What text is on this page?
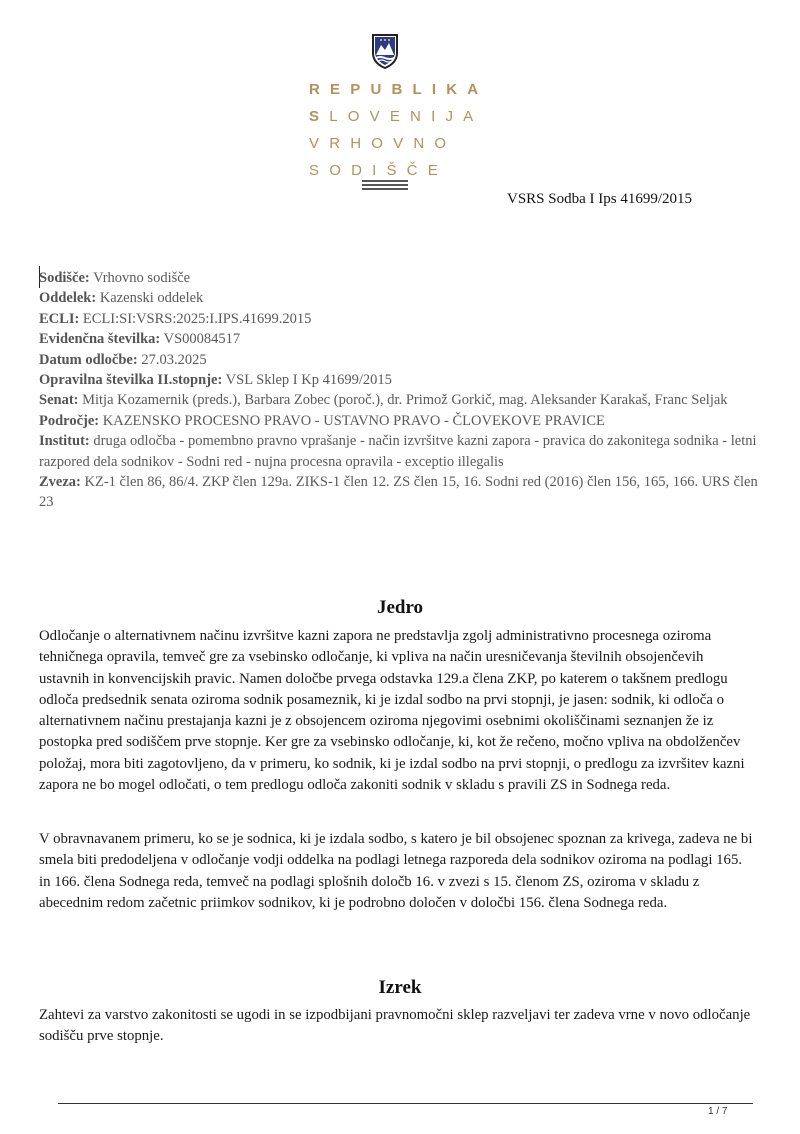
REPUBLIKA
SLOVENIJA
VRHOVNO
SODIŠČE
VSRS Sodba I Ips 41699/2015

Sodišče: Vrhovno sodišče

Oddelek: Kazenski oddelek

ECLI: ECLI:SI:VSRS:2025:I.IPS.41699.2015

Evidenčna številka: VS00084517

Datum odločbe: 27.03.2025

Opravilna številka II.stopnje: VSL Sklep I Kp 41699/2015

Senat: Mitja Kozamernik (preds.), Barbara Zobec (poroč.), dr. Primož Gorkič, mag. Aleksander Karakaš, Franc Seljak

Področje: KAZENSKO PROCESNO PRAVO - USTAVNO PRAVO - ČLOVEKOVE PRAVICE

Institut: druga odločba - pomembno pravno vprašanje - način izvršitve kazni zapora - pravica do zakonitega sodnika - letni razpored dela sodnikov - Sodni red - nujna procesna opravila - exceptio illegalis

Zveza: KZ-1 člen 86, 86/4. ZKP člen 129a. ZIKS-1 člen 12. ZS člen 15, 16. Sodni red (2016) člen 156, 165, 166. URS člen 23

Jedro

Odločanje o alternativnem načinu izvršitve kazni zapora ne predstavlja zgolj administrativno procesnega oziroma tehničnega opravila, temveč gre za vsebinsko odločanje, ki vpliva na način uresničevanja številnih obsojenčevih ustavnih in konvencijskih pravic. Namen določbe prvega odstavka 129.a člena ZKP, po katerem o takšnem predlogu odloča predsednik senata oziroma sodnik posameznik, ki je izdal sodbo na prvi stopnji, je jasen: sodnik, ki odloča o alternativnem načinu prestajanja kazni je z obsojencem oziroma njegovimi osebnimi okoliščinami seznanjen že iz postopka pred sodiščem prve stopnje. Ker gre za vsebinsko odločanje, ki, kot že rečeno, močno vpliva na obdolženčev položaj, mora biti zagotovljeno, da v primeru, ko sodnik, ki je izdal sodbo na prvi stopnji, o predlogu za izvršitev kazni zapora ne bo mogel odločati, o tem predlogu odloča zakoniti sodnik v skladu s pravili ZS in Sodnega reda.

V obravnavanem primeru, ko se je sodnica, ki je izdala sodbo, s katero je bil obsojenec spoznan za krivega, zadeva ne bi smela biti predodeljena v odločanje vodji oddelka na podlagi letnega razporeda dela sodnikov oziroma na podlagi 165. in 166. člena Sodnega reda, temveč na podlagi splošnih določb 16. v zvezi s 15. členom ZS, oziroma v skladu z abecednim redom začetnic priimkov sodnikov, ki je podrobno določen v določbi 156. člena Sodnega reda.

Izrek

Zahtevi za varstvo zakonitosti se ugodi in se izpodbijani pravnomočni sklep razveljavi ter zadeva vrne v novo odločanje sodišču prve stopnje.

1 / 7
